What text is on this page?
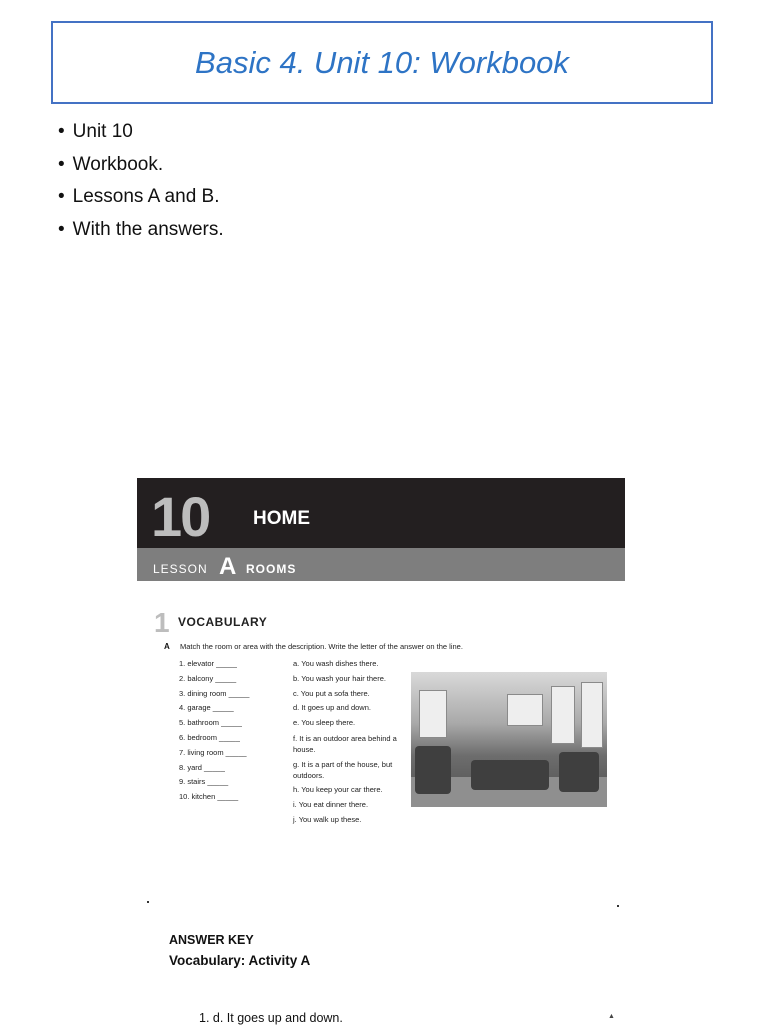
Basic 4. Unit 10: Workbook
• Unit 10
• Workbook.
• Lessons A and B.
• With the answers.
10 HOME
LESSON A ROOMS
1 VOCABULARY
A Match the room or area with the description. Write the letter of the answer on the line.
1. elevator _____
2. balcony _____
3. dining room _____
4. garage _____
5. bathroom _____
6. bedroom _____
7. living room _____
8. yard _____
9. stairs _____
10. kitchen _____
a. You wash dishes there.
b. You wash your hair there.
c. You put a sofa there.
d. It goes up and down.
e. You sleep there.
f. It is an outdoor area behind a house.
g. It is a part of the house, but outdoors.
h. You keep your car there.
i. You eat dinner there.
j. You walk up these.
ANSWER KEY
Vocabulary: Activity A
1. d. It goes up and down.	▲
